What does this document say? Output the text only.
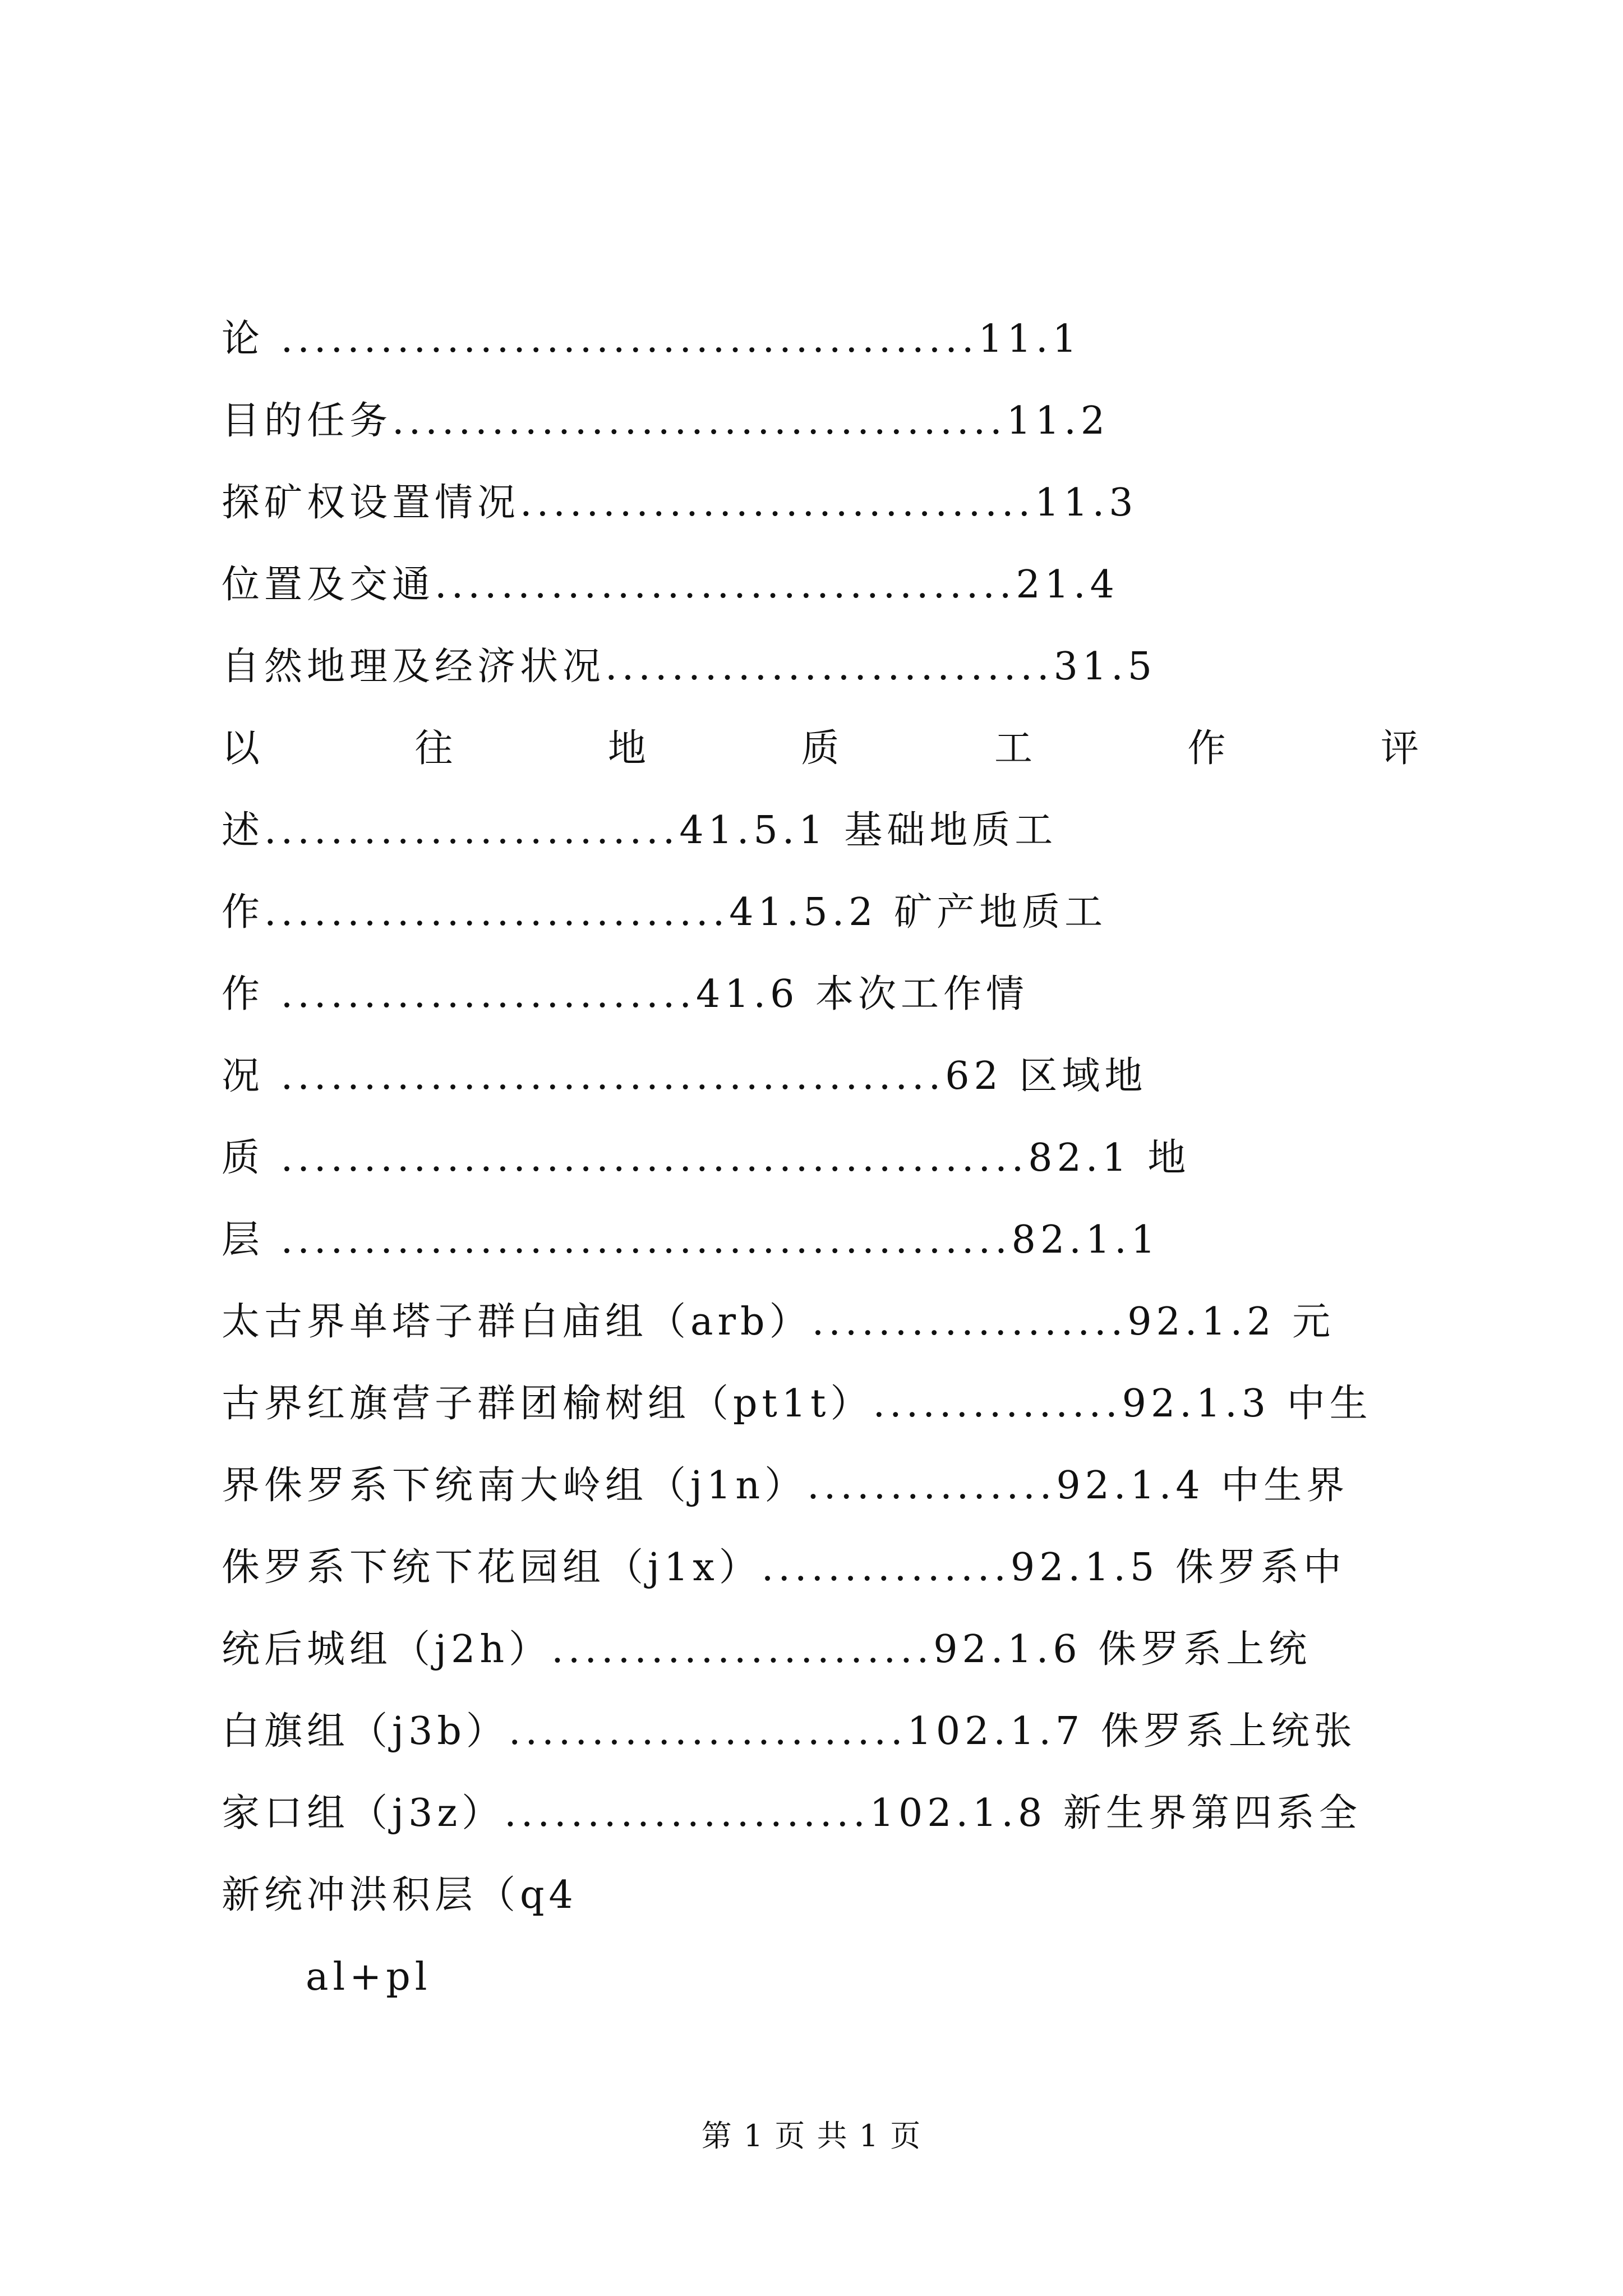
论 ..........................................11.1
目的任务.....................................11.2
探矿权设置情况...............................11.3
位置及交通...................................21.4
自然地理及经济状况...........................31.5
以	往	地	质	工	作	评
述.........................41.5.1 基础地质工
作............................41.5.2 矿产地质工
作 .........................41.6 本次工作情
况 ........................................62 区域地
质 .............................................82.1 地
层 ............................................82.1.1
太古界单塔子群白庙组（arb）...................92.1.2 元
古界红旗营子群团榆树组（pt1t）...............92.1.3 中生
界侏罗系下统南大岭组（j1n）...............92.1.4 中生界
侏罗系下统下花园组（j1x）...............92.1.5 侏罗系中
统后城组（j2h）.......................92.1.6 侏罗系上统
白旗组（j3b）........................102.1.7 侏罗系上统张
家口组（j3z）......................102.1.8 新生界第四系全
新统冲洪积层（q4
al+pl
第 1 页 共 1 页
